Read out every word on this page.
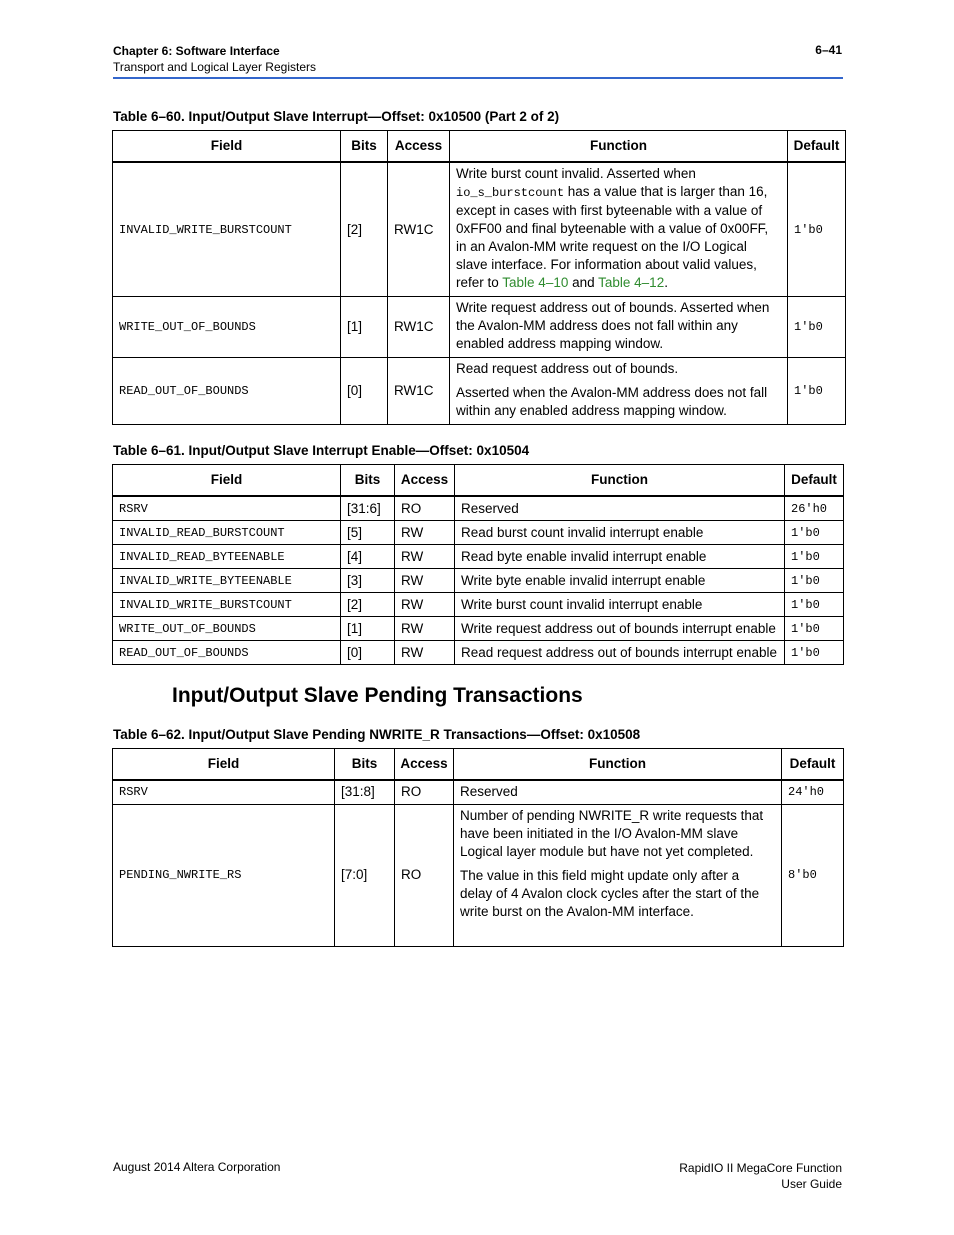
Chapter 6: Software Interface
Transport and Logical Layer Registers
6–41
Table 6–60. Input/Output Slave Interrupt—Offset: 0x10500 (Part 2 of 2)
Field	Bits	Access	Function	Default
INVALID_WRITE_BURSTCOUNT	[2]	RW1C	Write burst count invalid. Asserted when io_s_burstcount has a value that is larger than 16, except in cases with first byteenable with a value of 0xFF00 and final byteenable with a value of 0x00FF, in an Avalon-MM write request on the I/O Logical slave interface. For information about valid values, refer to Table 4–10 and Table 4–12.	1'b0
WRITE_OUT_OF_BOUNDS	[1]	RW1C	Write request address out of bounds. Asserted when the Avalon-MM address does not fall within any enabled address mapping window.	1'b0
READ_OUT_OF_BOUNDS	[0]	RW1C	Read request address out of bounds.

Asserted when the Avalon-MM address does not fall within any enabled address mapping window.	1'b0
Table 6–61. Input/Output Slave Interrupt Enable—Offset: 0x10504
Field	Bits	Access	Function	Default
RSRV	[31:6]	RO	Reserved	26'h0
INVALID_READ_BURSTCOUNT	[5]	RW	Read burst count invalid interrupt enable	1'b0
INVALID_READ_BYTEENABLE	[4]	RW	Read byte enable invalid interrupt enable	1'b0
INVALID_WRITE_BYTEENABLE	[3]	RW	Write byte enable invalid interrupt enable	1'b0
INVALID_WRITE_BURSTCOUNT	[2]	RW	Write burst count invalid interrupt enable	1'b0
WRITE_OUT_OF_BOUNDS	[1]	RW	Write request address out of bounds interrupt enable	1'b0
READ_OUT_OF_BOUNDS	[0]	RW	Read request address out of bounds interrupt enable	1'b0
Input/Output Slave Pending Transactions
Table 6–62. Input/Output Slave Pending NWRITE_R Transactions—Offset: 0x10508
Field	Bits	Access	Function	Default
RSRV	[31:8]	RO	Reserved	24'h0
PENDING_NWRITE_RS	[7:0]	RO	Number of pending NWRITE_R write requests that have been initiated in the I/O Avalon-MM slave Logical layer module but have not yet completed.

The value in this field might update only after a delay of 4 Avalon clock cycles after the start of the write burst on the Avalon-MM interface.	8'b0
August 2014 Altera Corporation	RapidIO II MegaCore Function
User Guide
